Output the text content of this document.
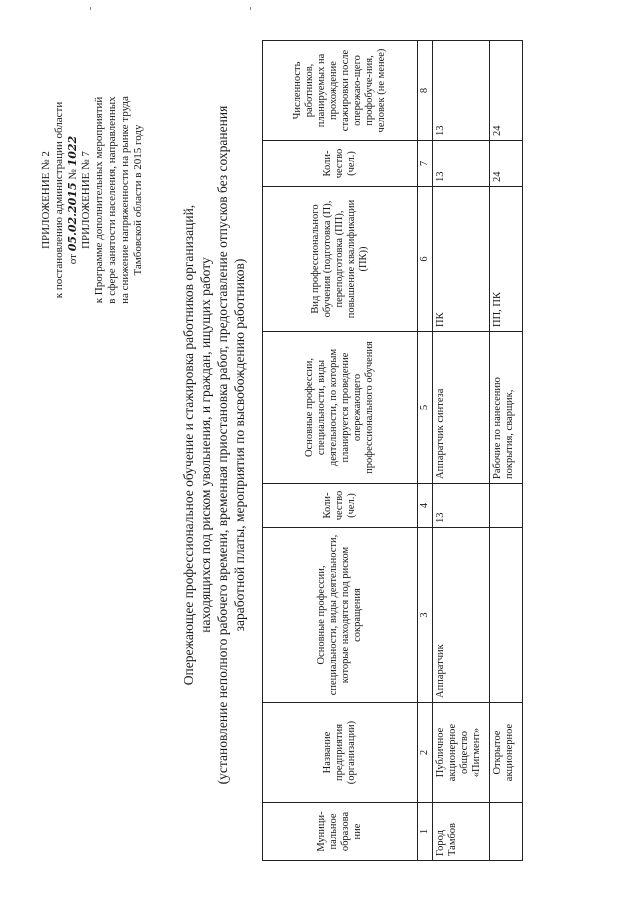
ПРИЛОЖЕНИЕ № 2 к постановлению администрации области от 05.02.2015 № 1022 ПРИЛОЖЕНИЕ № 7 к Программе дополнительных мероприятий в сфере занятости населения, направленных на снижение напряженности на рынке труда Тамбовской области в 2015 году
Опережающее профессиональное обучение и стажировка работников организаций, находящихся под риском увольнения, и граждан, ищущих работу (установление неполного рабочего времени, временная приостановка работ, предоставление отпусков без сохранения заработной платы, мероприятия по высвобождению работников)
Муници-пальное образова ние	Название предприятия (организации)	Основные профессии, специальности, виды деятельности, которые находятся под риском сокращения	Коли-чество (чел.)	Основные профессии, специальности, виды деятельности, по которым планируется проведение опережающего профессионального обучения	Вид профессионального обучения (подготовка (П), переподготовка (ПП), повышение квалификации (ПК))	Коли-чество (чел.)	Численность работников, планируемых на прохождение стажировки после опережаю-щего профобуче-ния, человек (не менее)
1	2	3	4	5	6	7	8
Город Тамбов	Публичное акционерное общество «Пигмент»	Аппаратчик	13	Аппаратчик синтеза	ПК	13	13
	Открытое акционерное			Рабочие по нанесению покрытия, сварщик,	ПП, ПК	24	24
